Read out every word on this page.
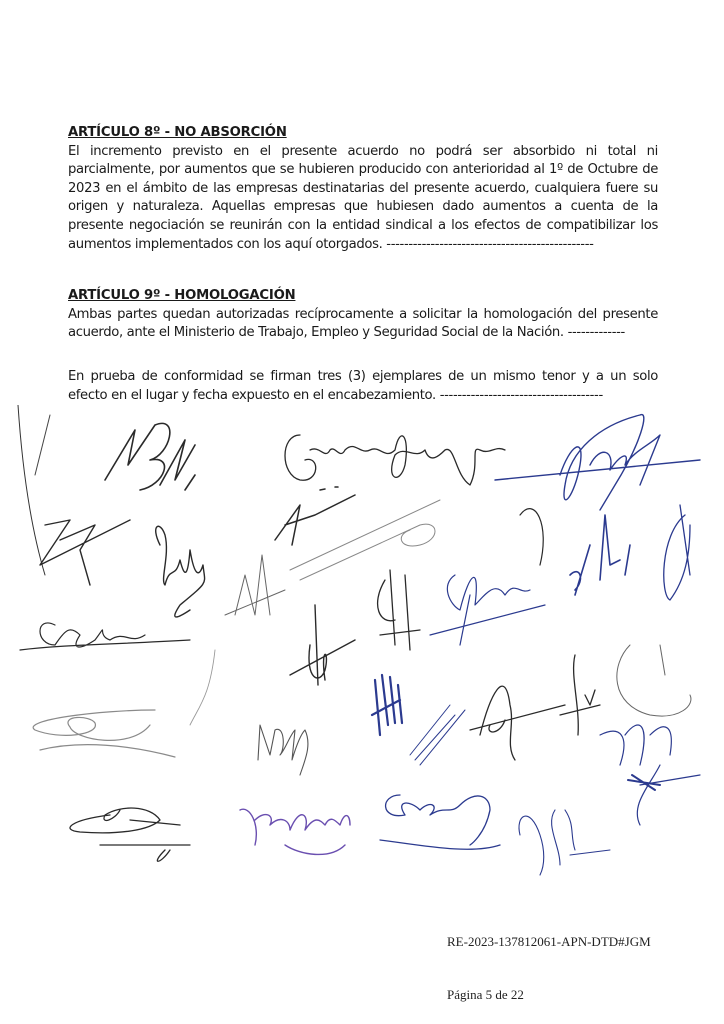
ARTÍCULO 8º - NO ABSORCIÓN

El incremento previsto en el presente acuerdo no podrá ser absorbido ni total ni parcialmente, por aumentos que se hubieren producido con anterioridad al 1º de Octubre de 2023 en el ámbito de las empresas destinatarias del presente acuerdo, cualquiera fuere su origen y naturaleza. Aquellas empresas que hubiesen dado aumentos a cuenta de la presente negociación se reunirán con la entidad sindical a los efectos de compatibilizar los aumentos implementados con los aquí otorgados. -----------------------------------------------

ARTÍCULO 9º - HOMOLOGACIÓN

Ambas partes quedan autorizadas recíprocamente a solicitar la homologación del presente acuerdo, ante el Ministerio de Trabajo, Empleo y Seguridad Social de la Nación. -------------

En prueba de conformidad se firman tres (3) ejemplares de un mismo tenor y a un solo efecto en el lugar y fecha expuesto en el encabezamiento. -------------------------------------

RE-2023-137812061-APN-DTD#JGM
Página 5 de 22
